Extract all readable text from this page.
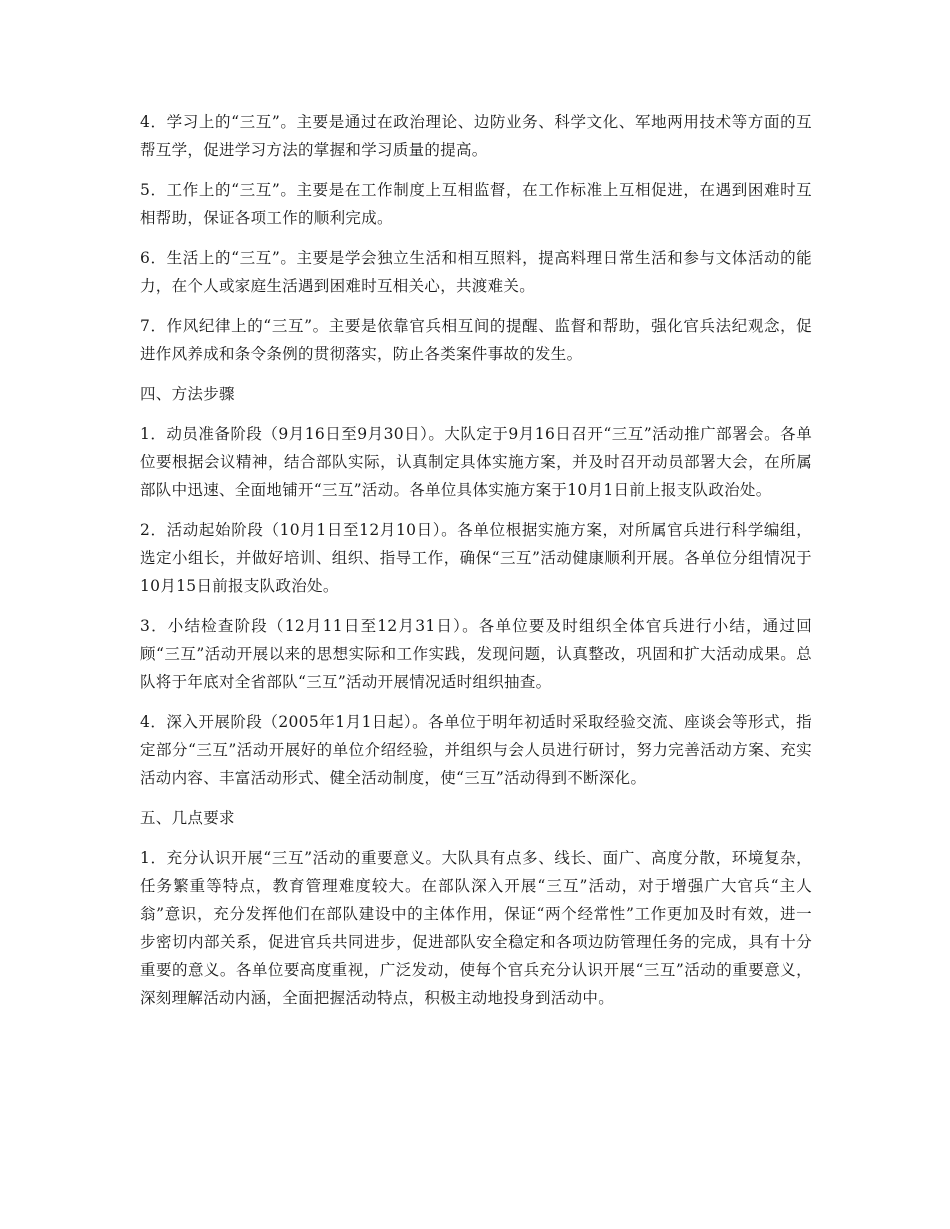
4．学习上的“三互”。主要是通过在政治理论、边防业务、科学文化、军地两用技术等方面的互帮互学，促进学习方法的掌握和学习质量的提高。

5．工作上的“三互”。主要是在工作制度上互相监督，在工作标准上互相促进，在遇到困难时互相帮助，保证各项工作的顺利完成。

6．生活上的“三互”。主要是学会独立生活和相互照料，提高料理日常生活和参与文体活动的能力，在个人或家庭生活遇到困难时互相关心，共渡难关。

7．作风纪律上的“三互”。主要是依靠官兵相互间的提醒、监督和帮助，强化官兵法纪观念，促进作风养成和条令条例的贯彻落实，防止各类案件事故的发生。

四、方法步骤

1．动员准备阶段（9月16日至9月30日）。大队定于9月16日召开“三互”活动推广部署会。各单位要根据会议精神，结合部队实际，认真制定具体实施方案，并及时召开动员部署大会，在所属部队中迅速、全面地铺开“三互”活动。各单位具体实施方案于10月1日前上报支队政治处。

2．活动起始阶段（10月1日至12月10日）。各单位根据实施方案，对所属官兵进行科学编组，选定小组长，并做好培训、组织、指导工作，确保“三互”活动健康顺利开展。各单位分组情况于10月15日前报支队政治处。

3．小结检查阶段（12月11日至12月31日）。各单位要及时组织全体官兵进行小结，通过回顾“三互”活动开展以来的思想实际和工作实践，发现问题，认真整改，巩固和扩大活动成果。总队将于年底对全省部队“三互”活动开展情况适时组织抽查。

4．深入开展阶段（2005年1月1日起）。各单位于明年初适时采取经验交流、座谈会等形式，指定部分“三互”活动开展好的单位介绍经验，并组织与会人员进行研讨，努力完善活动方案、充实活动内容、丰富活动形式、健全活动制度，使“三互”活动得到不断深化。

五、几点要求

1．充分认识开展“三互”活动的重要意义。大队具有点多、线长、面广、高度分散，环境复杂，任务繁重等特点，教育管理难度较大。在部队深入开展“三互”活动，对于增强广大官兵“主人翁”意识，充分发挥他们在部队建设中的主体作用，保证“两个经常性”工作更加及时有效，进一步密切内部关系，促进官兵共同进步，促进部队安全稳定和各项边防管理任务的完成，具有十分重要的意义。各单位要高度重视，广泛发动，使每个官兵充分认识开展“三互”活动的重要意义，深刻理解活动内涵，全面把握活动特点，积极主动地投身到活动中。
